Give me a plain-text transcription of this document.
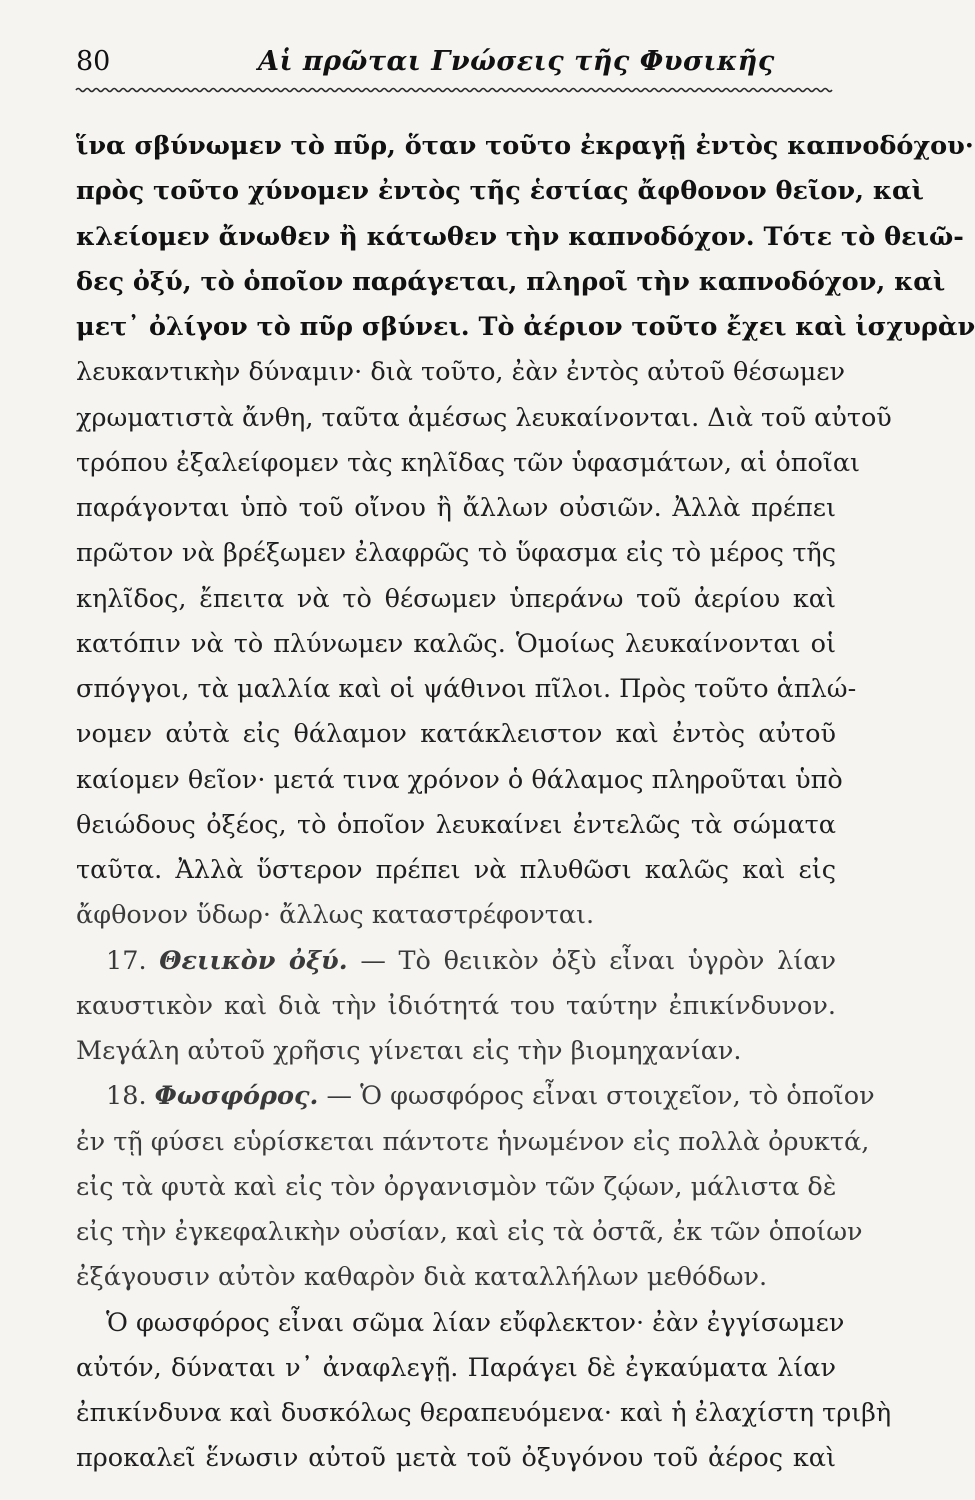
80	Αἱ πρῶται Γνώσεις τῆς Φυσικῆς
ἵνα σβύνωμεν τὸ πῦρ, ὅταν τοῦτο ἐκραγῇ ἐντὸς καπνοδόχου·
πρὸς τοῦτο χύνομεν ἐντὸς τῆς ἑστίας ἄφθονον θεῖον, καὶ
κλείομεν ἄνωθεν ἢ κάτωθεν τὴν καπνοδόχον. Τότε τὸ θειῶ-
δες ὀξύ, τὸ ὁποῖον παράγεται, πληροῖ τὴν καπνοδόχον, καὶ
μετ᾽ ὀλίγον τὸ πῦρ σβύνει. Τὸ ἀέριον τοῦτο ἔχει καὶ ἰσχυρὰν
λευκαντικὴν δύναμιν· διὰ τοῦτο, ἐὰν ἐντὸς αὐτοῦ θέσωμεν
χρωματιστὰ ἄνθη, ταῦτα ἀμέσως λευκαίνονται. Διὰ τοῦ αὐτοῦ
τρόπου ἐξαλείφομεν τὰς κηλῖδας τῶν ὑφασμάτων, αἱ ὁποῖαι
παράγονται ὑπὸ τοῦ οἴνου ἢ ἄλλων οὐσιῶν. Ἀλλὰ πρέπει
πρῶτον νὰ βρέξωμεν ἐλαφρῶς τὸ ὕφασμα εἰς τὸ μέρος τῆς
κηλῖδος, ἔπειτα νὰ τὸ θέσωμεν ὑπεράνω τοῦ ἀερίου καὶ
κατόπιν νὰ τὸ πλύνωμεν καλῶς. Ὁμοίως λευκαίνονται οἱ
σπόγγοι, τὰ μαλλία καὶ οἱ ψάθινοι πῖλοι. Πρὸς τοῦτο ἁπλώ-
νομεν αὐτὰ εἰς θάλαμον κατάκλειστον καὶ ἐντὸς αὐτοῦ
καίομεν θεῖον· μετά τινα χρόνον ὁ θάλαμος πληροῦται ὑπὸ
θειώδους ὀξέος, τὸ ὁποῖον λευκαίνει ἐντελῶς τὰ σώματα
ταῦτα. Ἀλλὰ ὕστερον πρέπει νὰ πλυθῶσι καλῶς καὶ εἰς
ἄφθονον ὕδωρ· ἄλλως καταστρέφονται.
17. Θειικὸν ὀξύ. — Τὸ θειικὸν ὀξὺ εἶναι ὑγρὸν λίαν
καυστικὸν καὶ διὰ τὴν ἰδιότητά του ταύτην ἐπικίνδυνον.
Μεγάλη αὐτοῦ χρῆσις γίνεται εἰς τὴν βιομηχανίαν.
18. Φωσφόρος. — Ὁ φωσφόρος εἶναι στοιχεῖον, τὸ ὁποῖον
ἐν τῇ φύσει εὑρίσκεται πάντοτε ἡνωμένον εἰς πολλὰ ὀρυκτά,
εἰς τὰ φυτὰ καὶ εἰς τὸν ὀργανισμὸν τῶν ζῴων, μάλιστα δὲ
εἰς τὴν ἐγκεφαλικὴν οὐσίαν, καὶ εἰς τὰ ὀστᾶ, ἐκ τῶν ὁποίων
ἐξάγουσιν αὐτὸν καθαρὸν διὰ καταλλήλων μεθόδων.
Ὁ φωσφόρος εἶναι σῶμα λίαν εὔφλεκτον· ἐὰν ἐγγίσωμεν
αὐτόν, δύναται ν᾽ ἀναφλεγῇ. Παράγει δὲ ἐγκαύματα λίαν
ἐπικίνδυνα καὶ δυσκόλως θεραπευόμενα· καὶ ἡ ἐλαχίστη τριβὴ
προκαλεῖ ἕνωσιν αὐτοῦ μετὰ τοῦ ὀξυγόνου τοῦ ἀέρος καὶ
